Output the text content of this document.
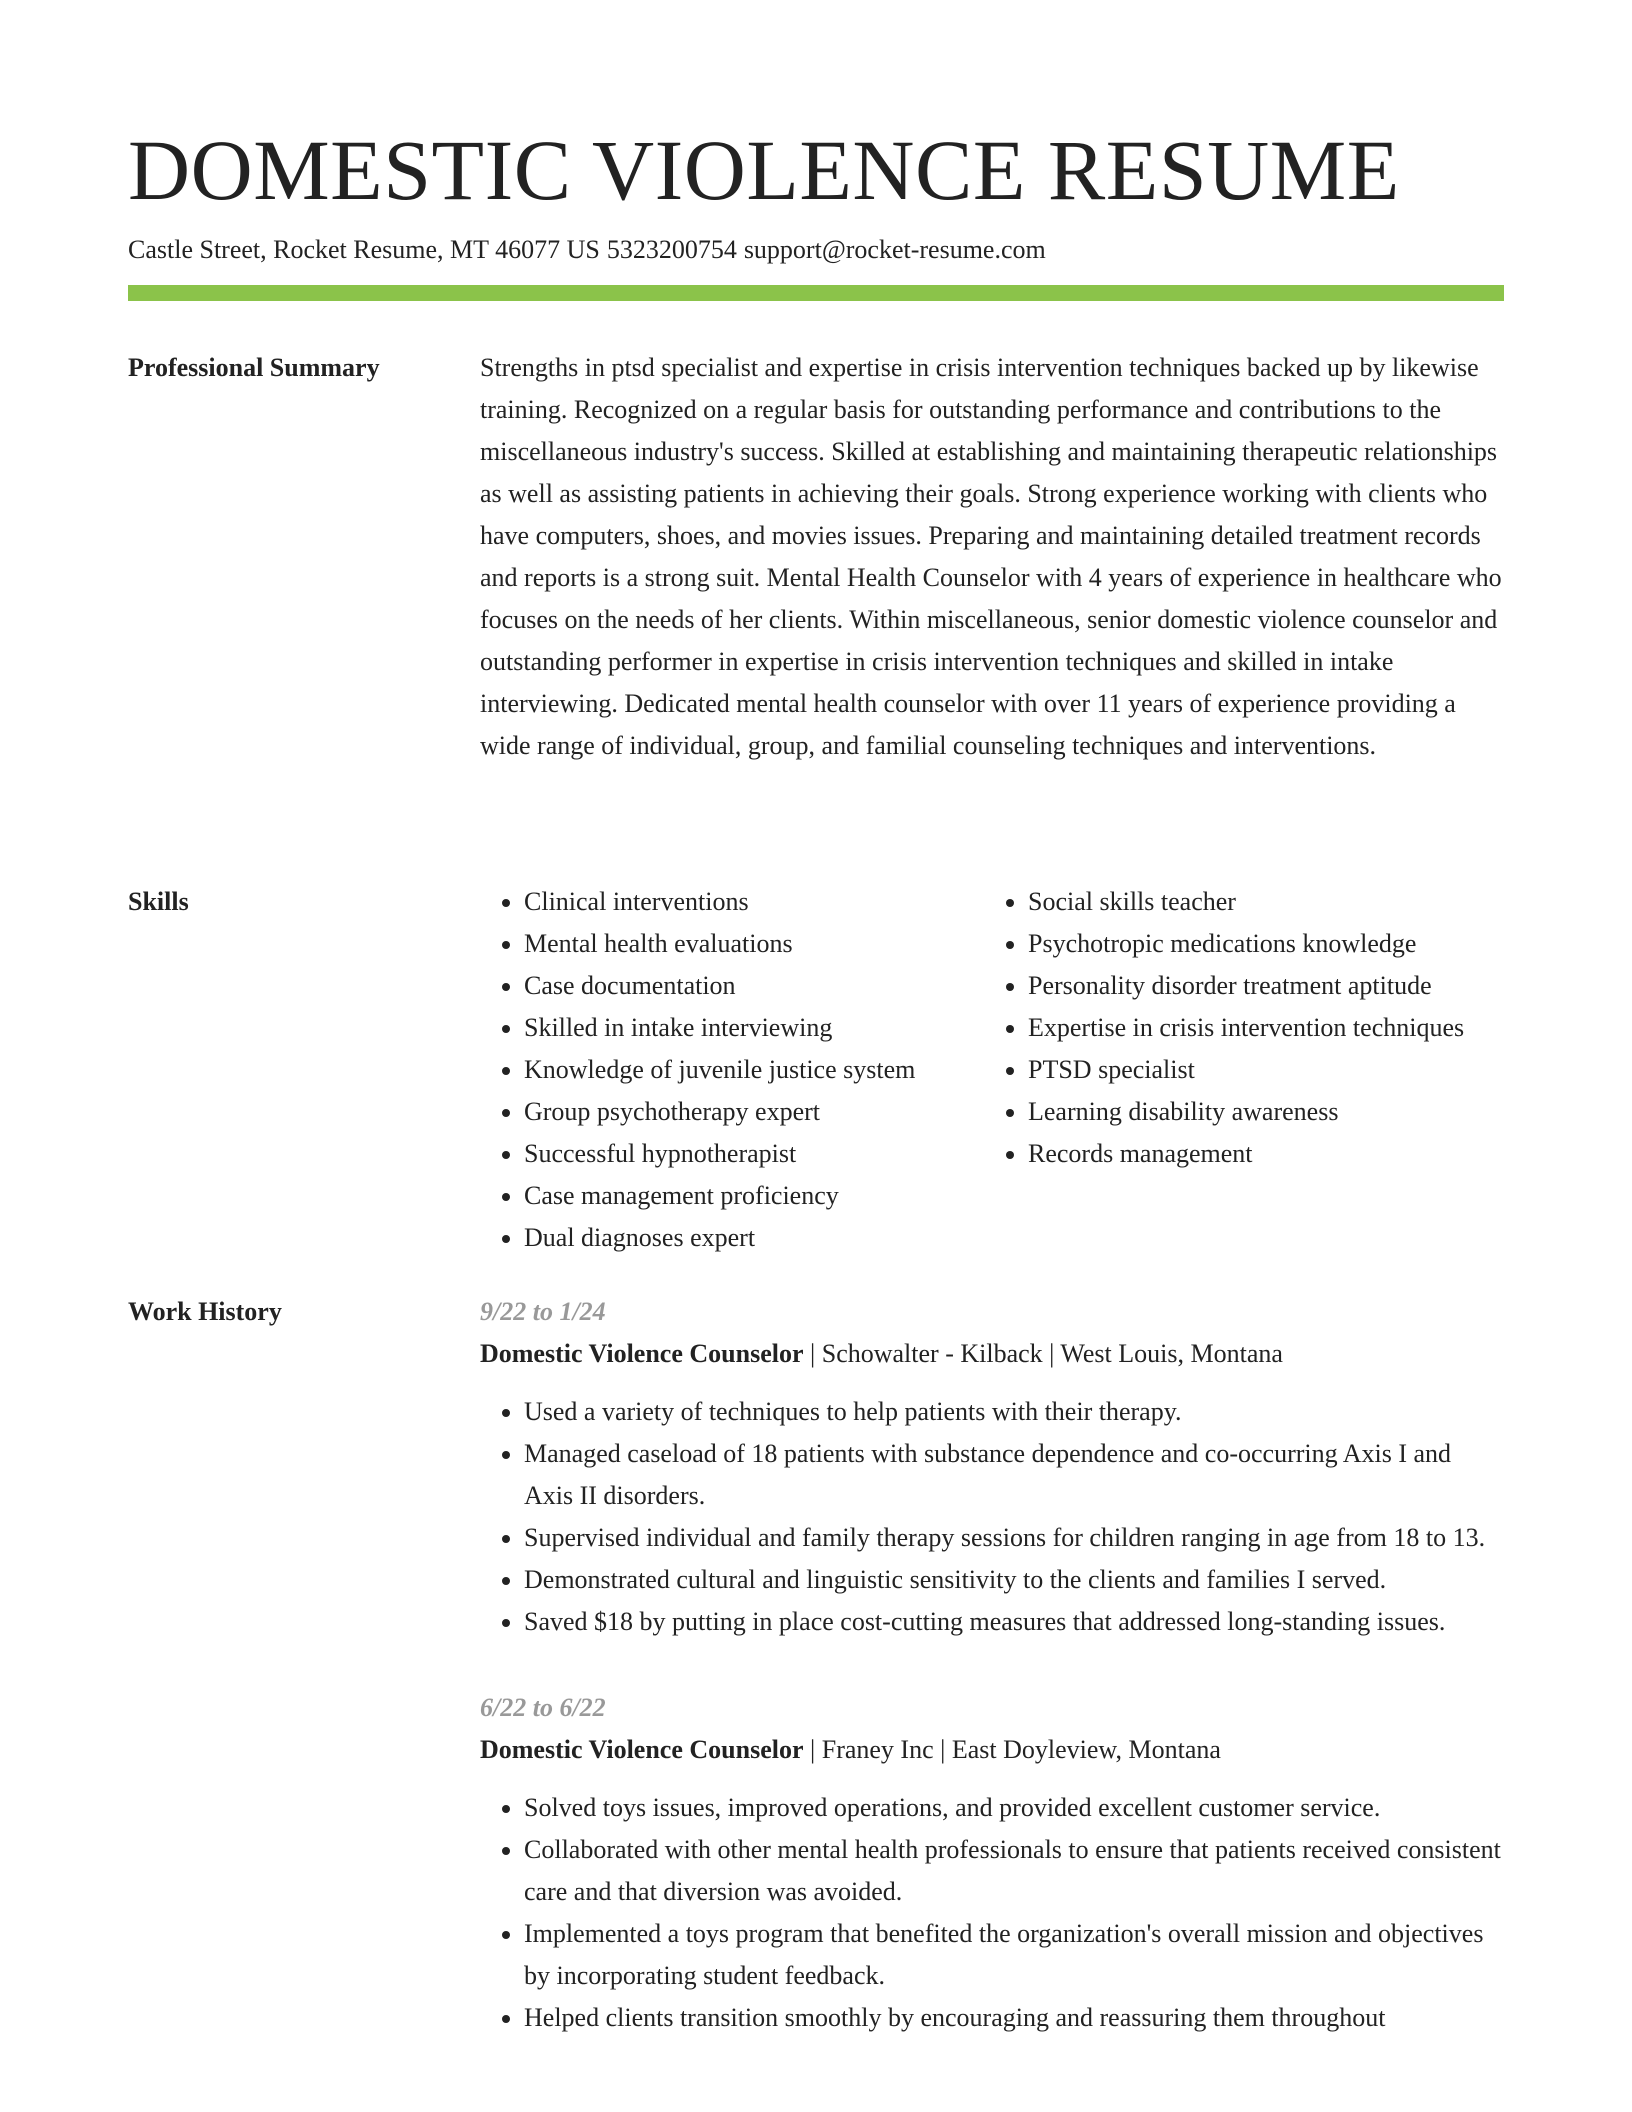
DOMESTIC VIOLENCE RESUME
Castle Street, Rocket Resume, MT 46077 US 5323200754 support@rocket-resume.com
Professional Summary	Strengths in ptsd specialist and expertise in crisis intervention techniques backed up by likewise training. Recognized on a regular basis for outstanding performance and contributions to the miscellaneous industry's success. Skilled at establishing and maintaining therapeutic relationships as well as assisting patients in achieving their goals. Strong experience working with clients who have computers, shoes, and movies issues. Preparing and maintaining detailed treatment records and reports is a strong suit. Mental Health Counselor with 4 years of experience in healthcare who focuses on the needs of her clients. Within miscellaneous, senior domestic violence counselor and outstanding performer in expertise in crisis intervention techniques and skilled in intake interviewing. Dedicated mental health counselor with over 11 years of experience providing a wide range of individual, group, and familial counseling techniques and interventions.

Skills
•	Clinical interventions
• Mental health evaluations
• Case documentation
• Skilled in intake interviewing
• Knowledge of juvenile justice system
• Group psychotherapy expert
• Successful hypnotherapist
• Case management proficiency
• Dual diagnoses expert
• Social skills teacher
• Psychotropic medications knowledge
• Personality disorder treatment aptitude
• Expertise in crisis intervention techniques
• PTSD specialist
• Learning disability awareness
• Records management
Work History	9/22 to 1/24
Domestic Violence Counselor | Schowalter - Kilback | West Louis, Montana
• Used a variety of techniques to help patients with their therapy.
• Managed caseload of 18 patients with substance dependence and co-occurring Axis I and Axis II disorders.
• Supervised individual and family therapy sessions for children ranging in age from 18 to 13.
• Demonstrated cultural and linguistic sensitivity to the clients and families I served.
• Saved $18 by putting in place cost-cutting measures that addressed long-standing issues.
6/22 to 6/22
Domestic Violence Counselor | Franey Inc | East Doyleview, Montana
• Solved toys issues, improved operations, and provided excellent customer service.
• Collaborated with other mental health professionals to ensure that patients received consistent care and that diversion was avoided.
• Implemented a toys program that benefited the organization's overall mission and objectives by incorporating student feedback.
• Helped clients transition smoothly by encouraging and reassuring them throughout
